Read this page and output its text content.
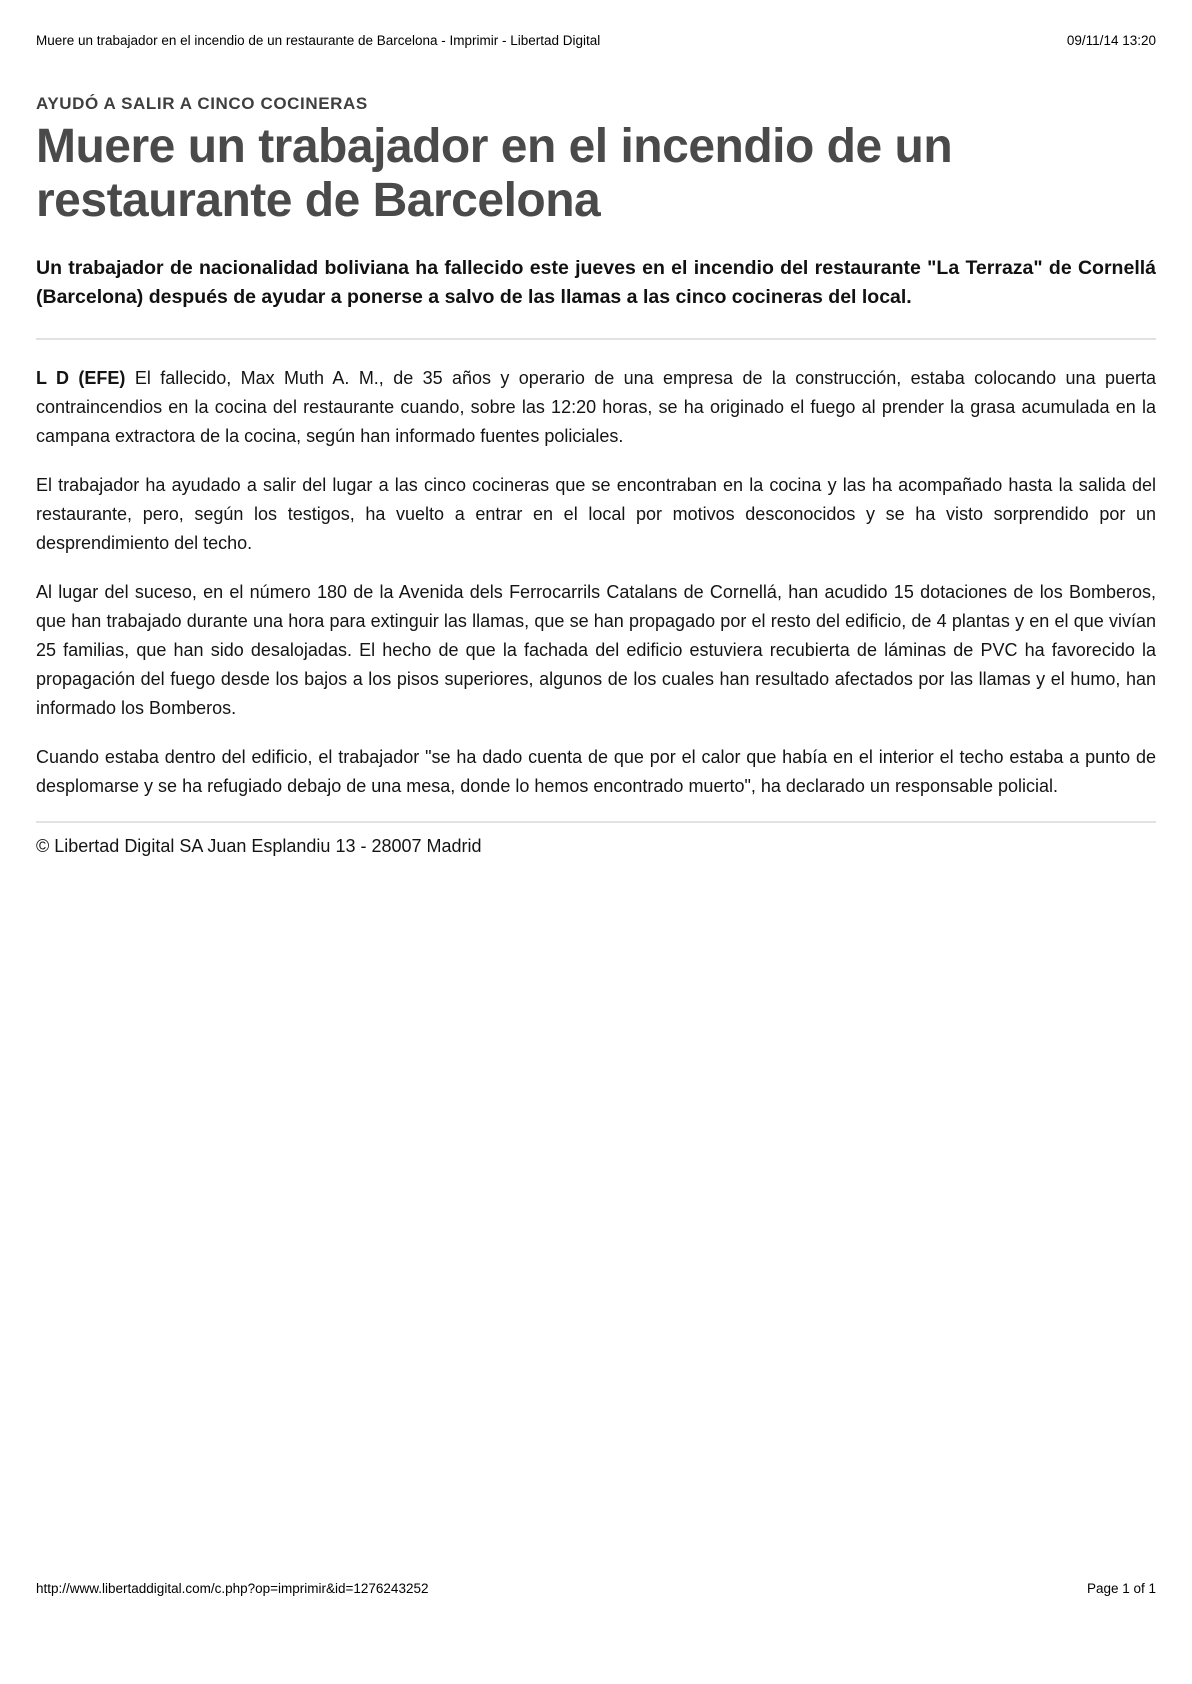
Muere un trabajador en el incendio de un restaurante de Barcelona - Imprimir - Libertad Digital	09/11/14 13:20
AYUDÓ A SALIR A CINCO COCINERAS
Muere un trabajador en el incendio de un restaurante de Barcelona

Un trabajador de nacionalidad boliviana ha fallecido este jueves en el incendio del restaurante "La Terraza" de Cornellá (Barcelona) después de ayudar a ponerse a salvo de las llamas a las cinco cocineras del local.

L D (EFE) El fallecido, Max Muth A. M., de 35 años y operario de una empresa de la construcción, estaba colocando una puerta contraincendios en la cocina del restaurante cuando, sobre las 12:20 horas, se ha originado el fuego al prender la grasa acumulada en la campana extractora de la cocina, según han informado fuentes policiales.

El trabajador ha ayudado a salir del lugar a las cinco cocineras que se encontraban en la cocina y las ha acompañado hasta la salida del restaurante, pero, según los testigos, ha vuelto a entrar en el local por motivos desconocidos y se ha visto sorprendido por un desprendimiento del techo.

Al lugar del suceso, en el número 180 de la Avenida dels Ferrocarrils Catalans de Cornellá, han acudido 15 dotaciones de los Bomberos, que han trabajado durante una hora para extinguir las llamas, que se han propagado por el resto del edificio, de 4 plantas y en el que vivían 25 familias, que han sido desalojadas. El hecho de que la fachada del edificio estuviera recubierta de láminas de PVC ha favorecido la propagación del fuego desde los bajos a los pisos superiores, algunos de los cuales han resultado afectados por las llamas y el humo, han informado los Bomberos.

Cuando estaba dentro del edificio, el trabajador "se ha dado cuenta de que por el calor que había en el interior el techo estaba a punto de desplomarse y se ha refugiado debajo de una mesa, donde lo hemos encontrado muerto", ha declarado un responsable policial.

© Libertad Digital SA Juan Esplandiu 13 - 28007 Madrid

http://www.libertaddigital.com/c.php?op=imprimir&id=1276243252	Page 1 of 1
